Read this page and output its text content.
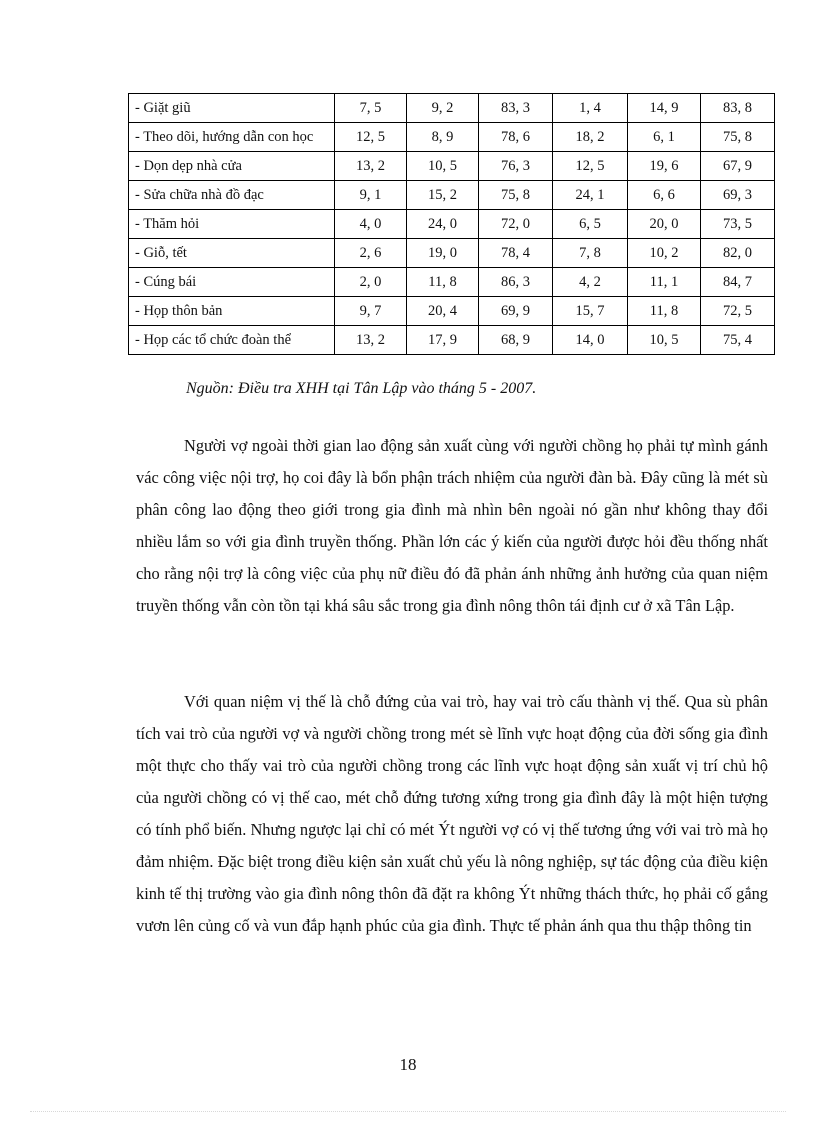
- Giặt giũ	7, 5	9, 2	83, 3	1, 4	14, 9	83, 8
- Theo dõi, hướng dẫn con học	12, 5	8, 9	78, 6	18, 2	6, 1	75, 8
- Dọn dẹp nhà cửa	13, 2	10, 5	76, 3	12, 5	19, 6	67, 9
- Sửa chữa nhà đồ đạc	9, 1	15, 2	75, 8	24, 1	6, 6	69, 3
- Thăm hỏi	4, 0	24, 0	72, 0	6, 5	20, 0	73, 5
- Giỗ, tết	2, 6	19, 0	78, 4	7, 8	10, 2	82, 0
- Cúng bái	2, 0	11, 8	86, 3	4, 2	11, 1	84, 7
- Họp thôn bản	9, 7	20, 4	69, 9	15, 7	11, 8	72, 5
- Họp các tổ chức đoàn thể	13, 2	17, 9	68, 9	14, 0	10, 5	75, 4
Nguồn: Điều tra XHH tại Tân Lập vào tháng 5 - 2007.

Người vợ ngoài thời gian lao động sản xuất cùng với người chồng họ phải tự mình gánh vác công việc nội trợ, họ coi đây là bổn phận trách nhiệm của người đàn bà. Đây cũng là mét sù phân công lao động theo giới trong gia đình mà nhìn bên ngoài nó gần như không thay đổi nhiều lắm so với gia đình truyền thống. Phần lớn các ý kiến của người được hỏi đều thống nhất cho rằng nội trợ là công việc của phụ nữ điều đó đã phản ánh những ảnh hưởng của quan niệm truyền thống vẫn còn tồn tại khá sâu sắc trong gia đình nông thôn tái định cư ở xã Tân Lập.

Với quan niệm vị thế là chỗ đứng của vai trò, hay vai trò cấu thành vị thế. Qua sù phân tích vai trò của người vợ và người chồng trong mét sè lĩnh vực hoạt động của đời sống gia đình một thực cho thấy vai trò của người chồng trong các lĩnh vực hoạt động sản xuất vị trí chủ hộ của người chồng có vị thế cao, mét chỗ đứng tương xứng trong gia đình đây là một hiện tượng có tính phổ biến. Nhưng ngược lại chỉ có mét Ýt người vợ có vị thế tương ứng với vai trò mà họ đảm nhiệm. Đặc biệt trong điều kiện sản xuất chủ yếu là nông nghiệp, sự tác động của điều kiện kinh tế thị trường vào gia đình nông thôn đã đặt ra không Ýt những thách thức, họ phải cố gắng vươn lên củng cố và vun đắp hạnh phúc của gia đình. Thực tế phản ánh qua thu thập thông tin

18
